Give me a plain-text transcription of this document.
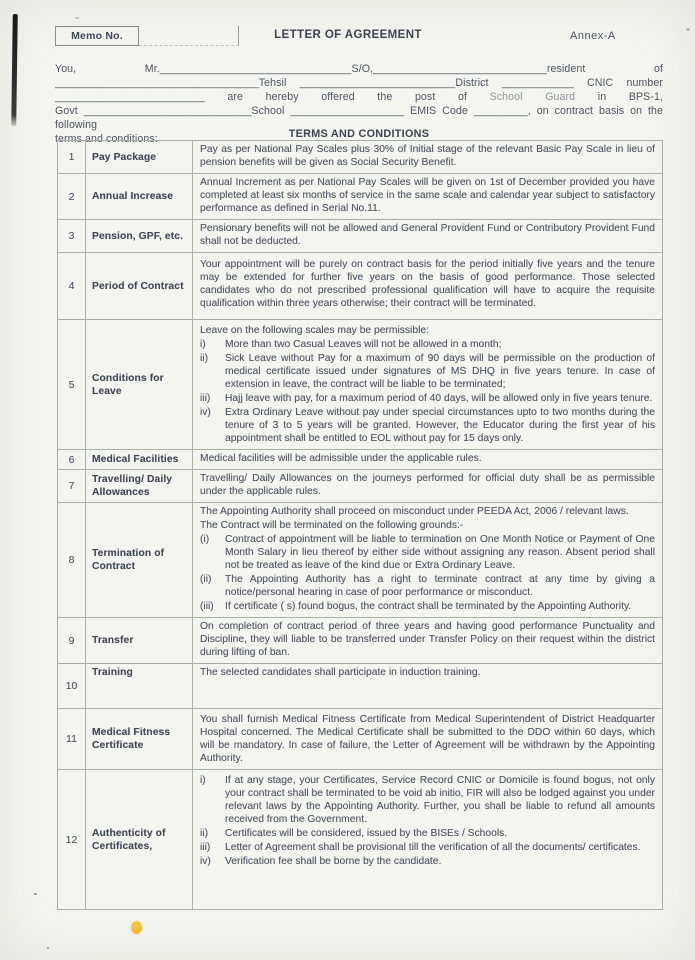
Memo No.	LETTER OF AGREEMENT	Annex-A
You, Mr.________________________________S/O,_____________________________resident of
__________________________________Tehsil __________________________District ____________ CNIC number
_________________________ are hereby offered the post of School Guard in BPS-1,
Govt ____________________________School ___________________ EMIS Code _________, on contract basis on the following
terms and conditions:	TERMS AND CONDITIONS
1	Pay Package	Pay as per National Pay Scales plus 30% of Initial stage of the relevant Basic Pay Scale in lieu of pension benefits will be given as Social Security Benefit.

2	Annual Increase	Annual Increment as per National Pay Scales will be given on 1st of December provided you have completed at least six months of service in the same scale and calendar year subject to satisfactory performance as defined in Serial No.11.

3	Pension, GPF, etc.	Pensionary benefits will not be allowed and General Provident Fund or Contributory Provident Fund shall not be deducted.

4	Period of Contract	Your appointment will be purely on contract basis for the period initially five years and the tenure may be extended for further five years on the basis of good performance. Those selected candidates who do not prescribed professional qualification will have to acquire the requisite qualification within three years otherwise; their contract will be terminated.

5	Conditions for Leave	

Leave on the following scales may be permissible:

i)	More than two Casual Leaves will not be allowed in a month;
ii)	Sick Leave without Pay for a maximum of 90 days will be permissible on the production of medical certificate issued under signatures of MS DHQ in five years tenure. In case of extension in leave, the contract will be liable to be terminated;
iii)	Hajj leave with pay, for a maximum period of 40 days, will be allowed only in five years tenure.
iv)	Extra Ordinary Leave without pay under special circumstances upto to two months during the tenure of 3 to 5 years will be granted. However, the Educator during the first year of his appointment shall be entitled to EOL without pay for 15 days only.

6	Medical Facilities	Medical facilities will be admissible under the applicable rules.

7	Travelling/ Daily Allowances	Travelling/ Daily Allowances on the journeys performed for official duty shall be as permissible under the applicable rules.

8	Termination of Contract	

The Appointing Authority shall proceed on misconduct under PEEDA Act, 2006 / relevant laws.

The Contract will be terminated on the following grounds:-

(i)	Contract of appointment will be liable to termination on One Month Notice or Payment of One Month Salary in lieu thereof by either side without assigning any reason. Absent period shall not be treated as leave of the kind due or Extra Ordinary Leave.
(ii)	The Appointing Authority has a right to terminate contract at any time by giving a notice/personal hearing in case of poor performance or misconduct.
(iii)	If certificate ( s) found bogus, the contract shall be terminated by the Appointing Authority.

9	Transfer	On completion of contract period of three years and having good performance Punctuality and Discipline, they will liable to be transferred under Transfer Policy on their request within the district during lifting of ban.

10	Training	The selected candidates shall participate in induction training.

11	Medical Fitness Certificate	You shall furnish Medical Fitness Certificate from Medical Superintendent of District Headquarter Hospital concerned. The Medical Certificate shall be submitted to the DDO within 60 days, which will be mandatory. In case of failure, the Letter of Agreement will be withdrawn by the Appointing Authority.

12	Authenticity of Certificates,	
i)	If at any stage, your Certificates, Service Record CNIC or Domicile is found bogus, not only your contract shall be terminated to be void ab initio, FIR will also be lodged against you under relevant laws by the Appointing Authority. Further, you shall be liable to refund all amounts received from the Government.
ii)	Certificates will be considered, issued by the BISEs / Schools.
iii)	Letter of Agreement shall be provisional till the verification of all the documents/ certificates.
iv)	Verification fee shall be borne by the candidate.
